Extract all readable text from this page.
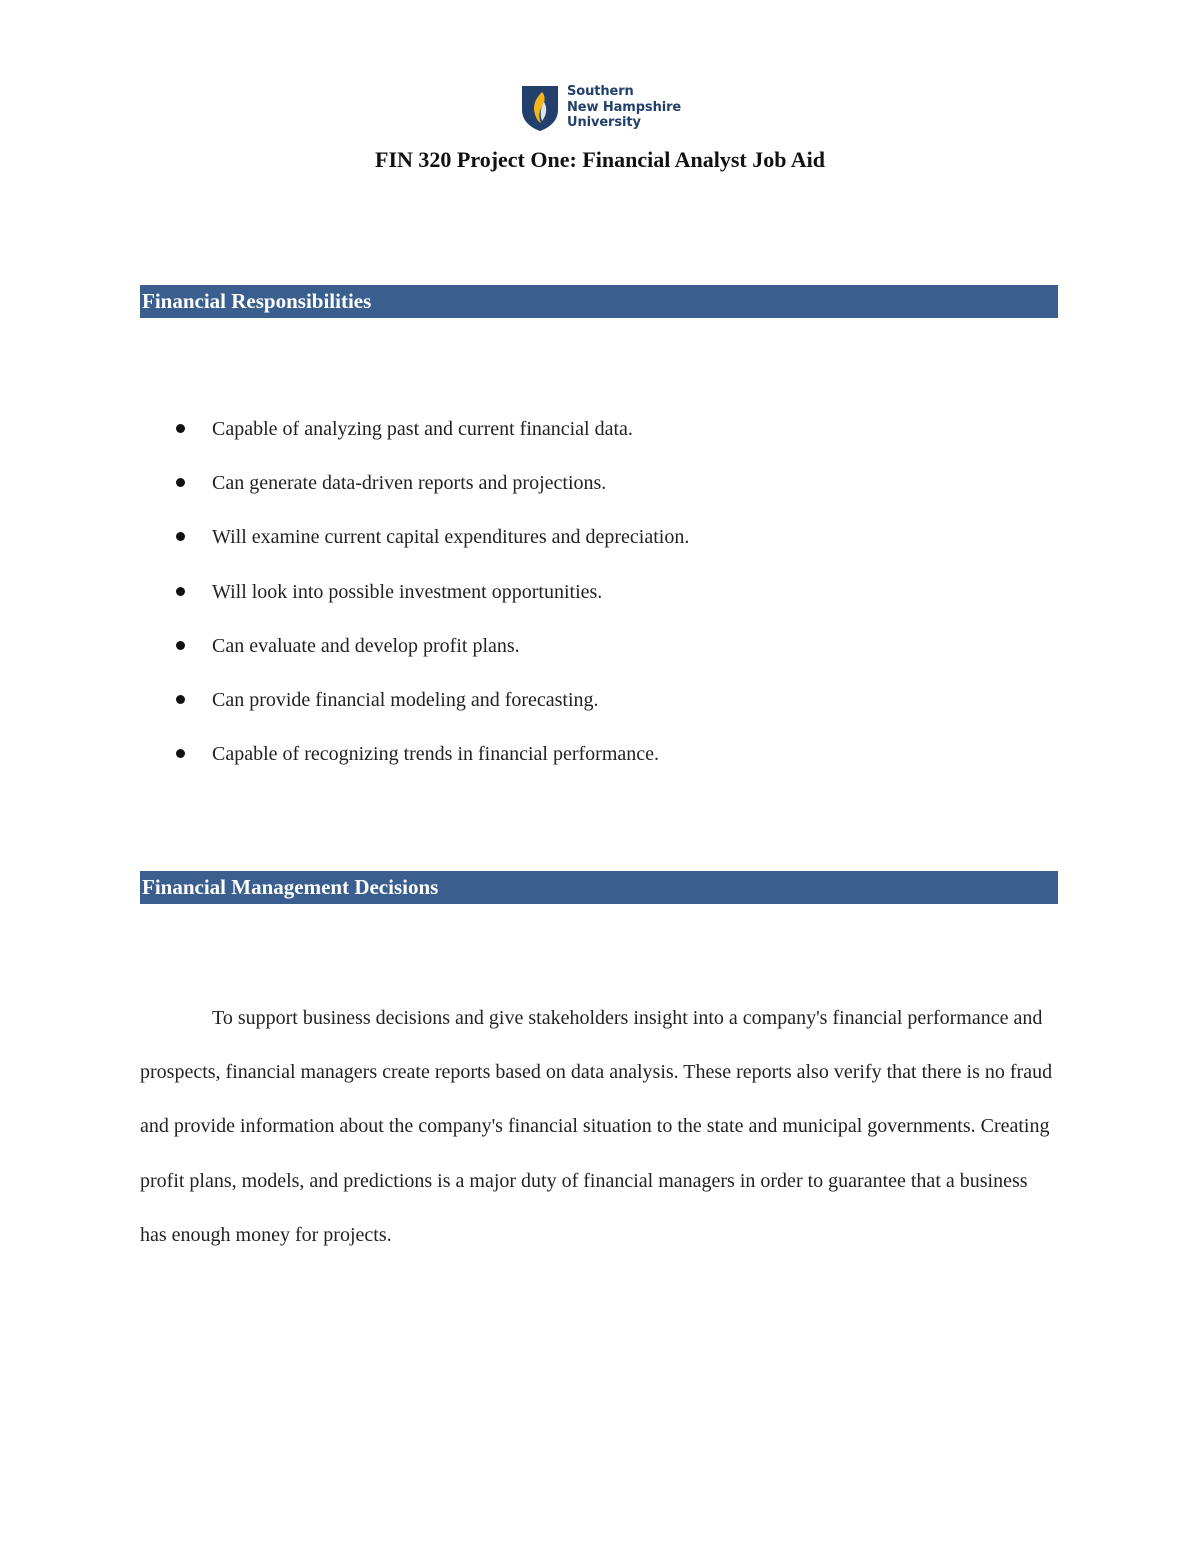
Southern
New Hampshire
University
FIN 320 Project One: Financial Analyst Job Aid
Financial Responsibilities
Capable of analyzing past and current financial data.
Can generate data-driven reports and projections.
Will examine current capital expenditures and depreciation.
Will look into possible investment opportunities.
Can evaluate and develop profit plans.
Can provide financial modeling and forecasting.
Capable of recognizing trends in financial performance.
Financial Management Decisions

To support business decisions and give stakeholders insight into a company's financial performance and prospects, financial managers create reports based on data analysis. These reports also verify that there is no fraud and provide information about the company's financial situation to the state and municipal governments. Creating profit plans, models, and predictions is a major duty of financial managers in order to guarantee that a business has enough money for projects.
